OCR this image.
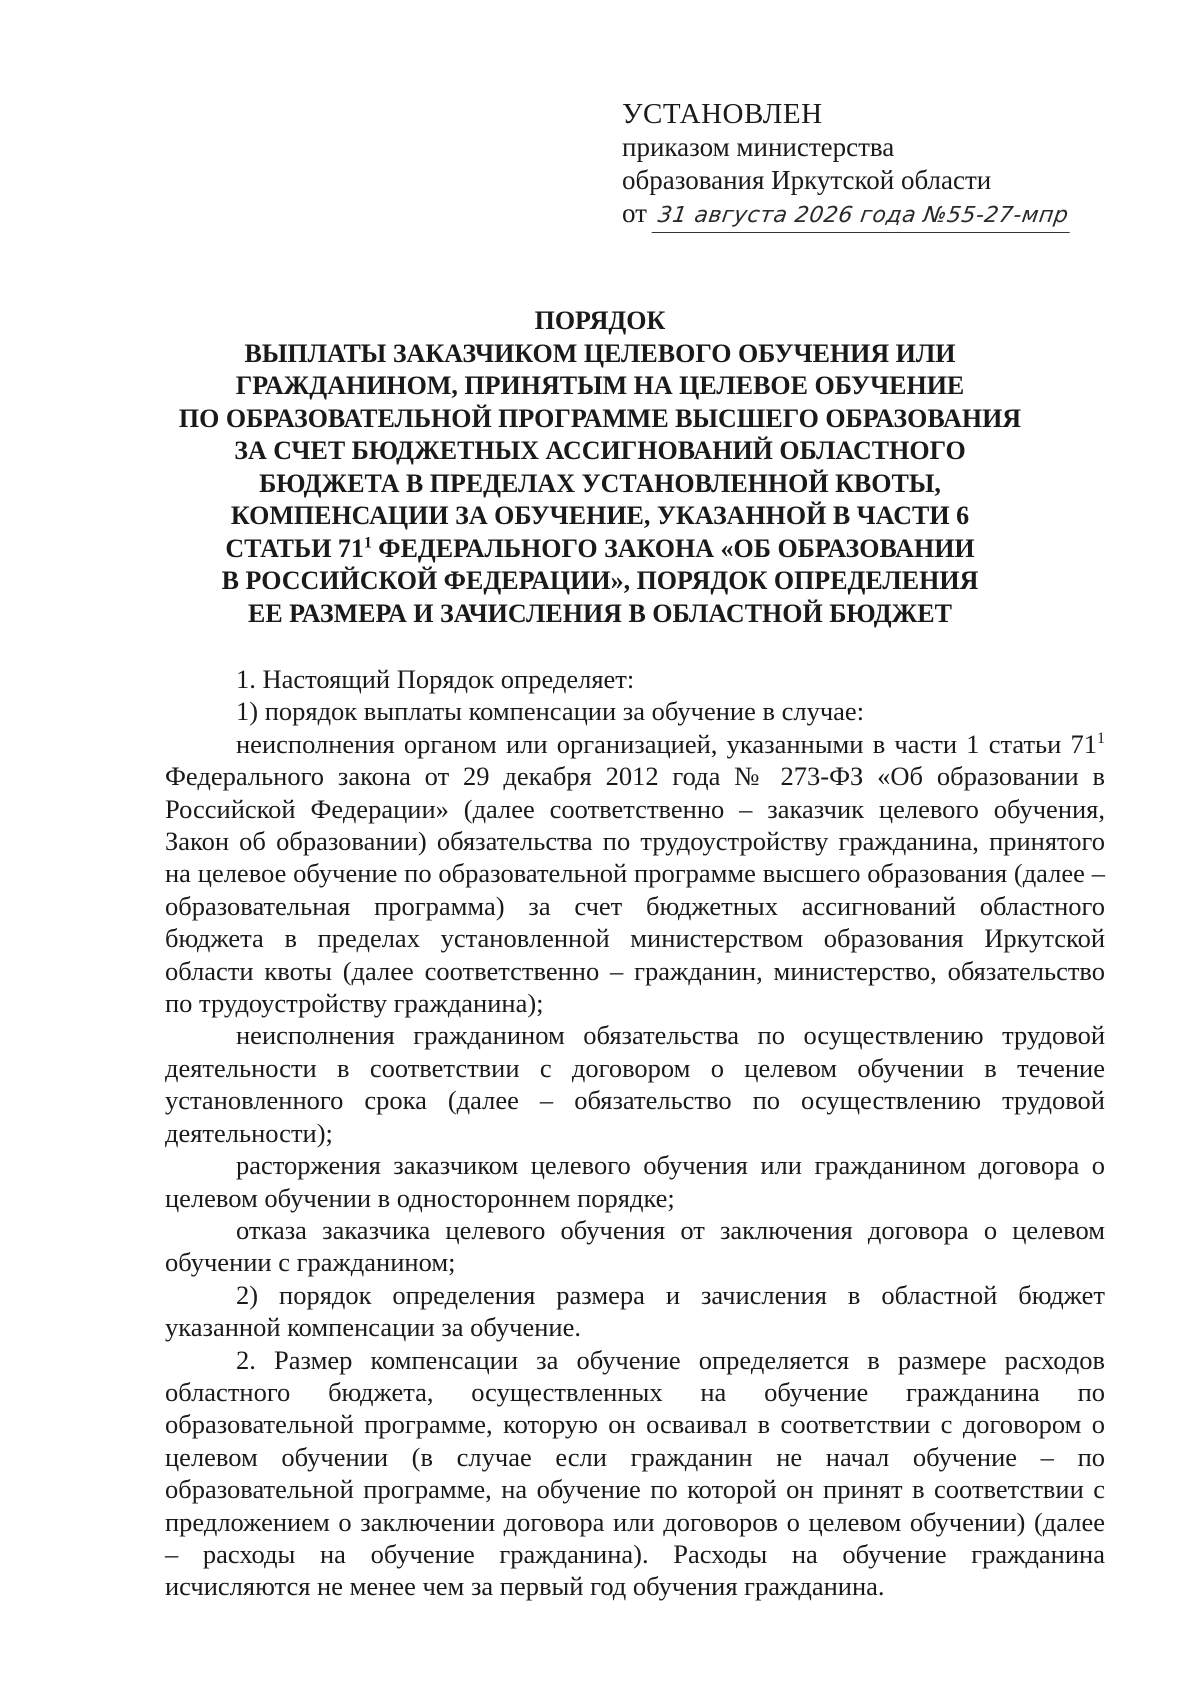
УСТАНОВЛЕН
приказом министерства
образования Иркутской области
от 31 августа 2026 года №55-27-мпр
ПОРЯДОК
ВЫПЛАТЫ ЗАКАЗЧИКОМ ЦЕЛЕВОГО ОБУЧЕНИЯ ИЛИ
ГРАЖДАНИНОМ, ПРИНЯТЫМ НА ЦЕЛЕВОЕ ОБУЧЕНИЕ
ПО ОБРАЗОВАТЕЛЬНОЙ ПРОГРАММЕ ВЫСШЕГО ОБРАЗОВАНИЯ
ЗА СЧЕТ БЮДЖЕТНЫХ АССИГНОВАНИЙ ОБЛАСТНОГО
БЮДЖЕТА В ПРЕДЕЛАХ УСТАНОВЛЕННОЙ КВОТЫ,
КОМПЕНСАЦИИ ЗА ОБУЧЕНИЕ, УКАЗАННОЙ В ЧАСТИ 6
СТАТЬИ $71^1$ ФЕДЕРАЛЬНОГО ЗАКОНА «ОБ ОБРАЗОВАНИИ
В РОССИЙСКОЙ ФЕДЕРАЦИИ», ПОРЯДОК ОПРЕДЕЛЕНИЯ
ЕЕ РАЗМЕРА И ЗАЧИСЛЕНИЯ В ОБЛАСТНОЙ БЮДЖЕТ

1. Настоящий Порядок определяет:

1) порядок выплаты компенсации за обучение в случае:

неисполнения органом или организацией, указанными в части 1 статьи $71^1$ Федерального закона от 29 декабря 2012 года № 273-ФЗ «Об образовании в Российской Федерации» (далее соответственно – заказчик целевого обучения, Закон об образовании) обязательства по трудоустройству гражданина, принятого на целевое обучение по образовательной программе высшего образования (далее – образовательная программа) за счет бюджетных ассигнований областного бюджета в пределах установленной министерством образования Иркутской области квоты (далее соответственно – гражданин, министерство, обязательство по трудоустройству гражданина);

неисполнения гражданином обязательства по осуществлению трудовой деятельности в соответствии с договором о целевом обучении в течение установленного срока (далее – обязательство по осуществлению трудовой деятельности);

расторжения заказчиком целевого обучения или гражданином договора о целевом обучении в одностороннем порядке;

отказа заказчика целевого обучения от заключения договора о целевом обучении с гражданином;

2) порядок определения размера и зачисления в областной бюджет указанной компенсации за обучение.

2. Размер компенсации за обучение определяется в размере расходов областного бюджета, осуществленных на обучение гражданина по образовательной программе, которую он осваивал в соответствии с договором о целевом обучении (в случае если гражданин не начал обучение – по образовательной программе, на обучение по которой он принят в соответствии с предложением о заключении договора или договоров о целевом обучении) (далее – расходы на обучение гражданина). Расходы на обучение гражданина исчисляются не менее чем за первый год обучения гражданина.
